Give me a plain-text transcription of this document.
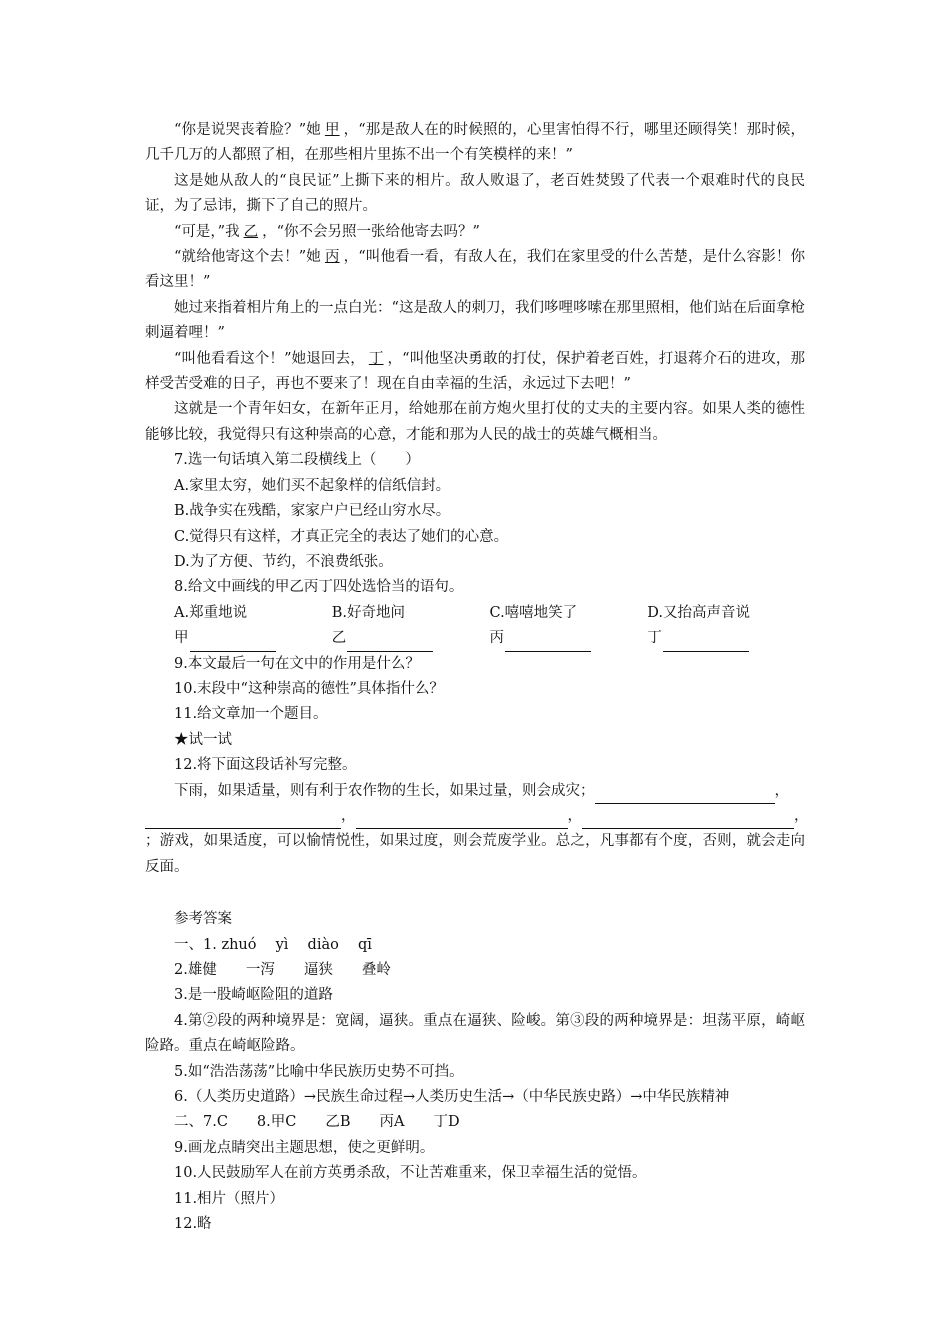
“你是说哭丧着脸？”她 甲 ，“那是敌人在的时候照的，心里害怕得不行，哪里还顾得笑！那时候，几千几万的人都照了相，在那些相片里拣不出一个有笑模样的来！”

这是她从敌人的“良民证”上撕下来的相片。敌人败退了，老百姓焚毁了代表一个艰难时代的良民证，为了忌讳，撕下了自己的照片。

“可是，”我 乙 ，“你不会另照一张给他寄去吗？”

“就给他寄这个去！”她 丙 ，“叫他看一看，有敌人在，我们在家里受的什么苦楚，是什么容影！你看这里！”

她过来指着相片角上的一点白光：“这是敌人的刺刀，我们哆哩哆嗦在那里照相，他们站在后面拿枪刺逼着哩！”

“叫他看看这个！”她退回去， 丁 ，“叫他坚决勇敢的打仗，保护着老百姓，打退蒋介石的进攻，那样受苦受难的日子，再也不要来了！现在自由幸福的生活，永远过下去吧！”

这就是一个青年妇女，在新年正月，给她那在前方炮火里打仗的丈夫的主要内容。如果人类的德性能够比较，我觉得只有这种崇高的心意，才能和那为人民的战士的英雄气概相当。

7.选一句话填入第二段横线上（　　）

A.家里太穷，她们买不起象样的信纸信封。

B.战争实在残酷，家家户户已经山穷水尽。

C.觉得只有这样，才真正完全的表达了她们的心意。

D.为了方便、节约，不浪费纸张。

8.给文中画线的甲乙丙丁四处选恰当的语句。

A.郑重地说	B.好奇地问	C.嘻嘻地笑了	D.又抬高声音说
甲	乙	丙	丁

9.本文最后一句在文中的作用是什么？

10.末段中“这种崇高的德性”具体指什么？

11.给文章加一个题目。

★试一试

12.将下面这段话补写完整。

下雨，如果适量，则有利于农作物的生长，如果过量，则会成灾；	，

，	，	，

；游戏，如果适度，可以愉情悦性，如果过度，则会荒废学业。总之，凡事都有个度，否则，就会走向反面。

参考答案

一、1. zhuó　 yì　 diào　 qī

2.雄健　　一泻　　逼狭　　叠岭

3.是一股崎岖险阻的道路

4.第②段的两种境界是：宽阔，逼狭。重点在逼狭、险峻。第③段的两种境界是：坦荡平原，崎岖险路。重点在崎岖险路。

5.如“浩浩荡荡”比喻中华民族历史势不可挡。

6.（人类历史道路）→民族生命过程→人类历史生活→（中华民族史路）→中华民族精神

二、7.C　　8.甲C　　乙B　　丙A　　丁D

9.画龙点睛突出主题思想，使之更鲜明。

10.人民鼓励军人在前方英勇杀敌，不让苦难重来，保卫幸福生活的觉悟。

11.相片（照片）

12.略
